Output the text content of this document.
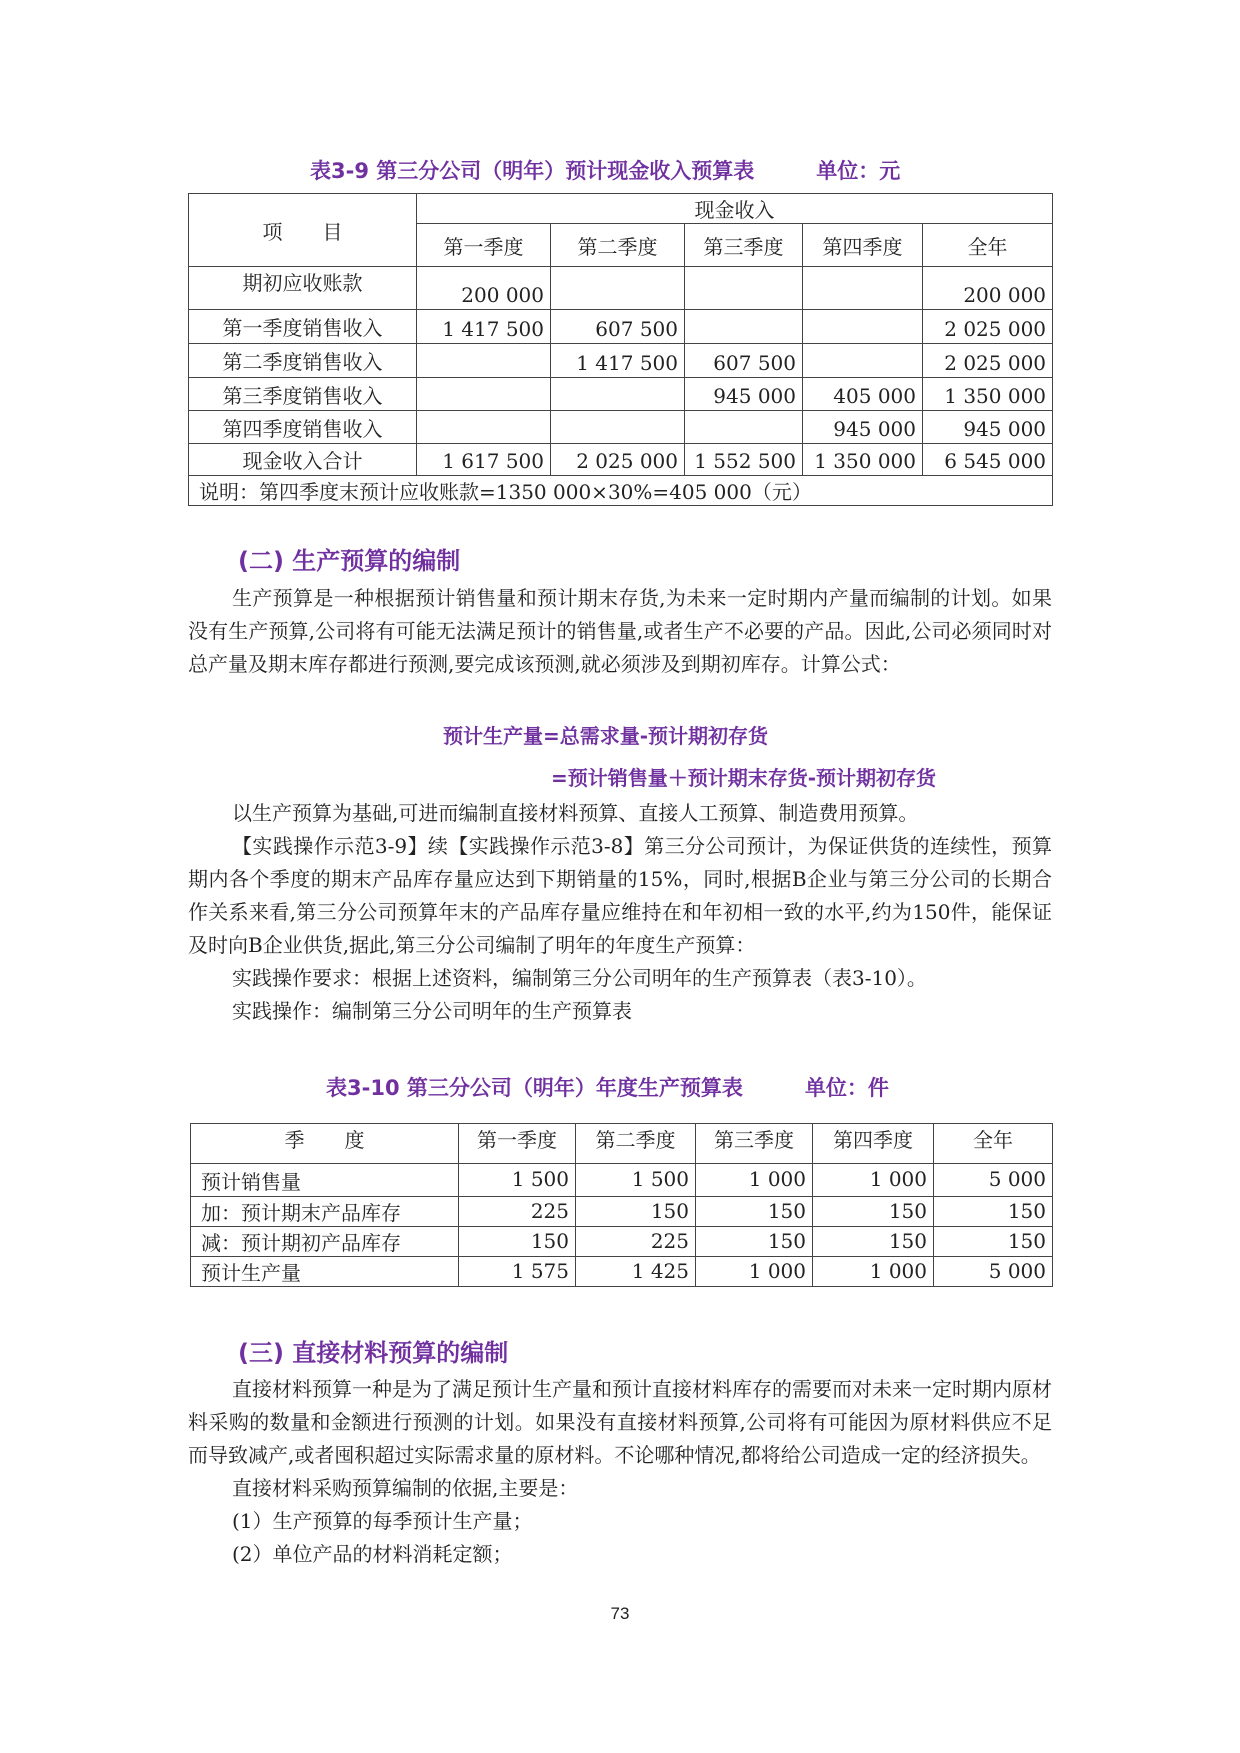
表3-9 第三分公司（明年）预计现金收入预算表	单位：元
项　　目	现金收入				
	第一季度	第二季度	第三季度	第四季度	全年
期初应收账款	200 000				200 000
第一季度销售收入	1 417 500	607 500			2 025 000
第二季度销售收入		1 417 500	607 500		2 025 000
第三季度销售收入			945 000	405 000	1 350 000
第四季度销售收入				945 000	945 000
现金收入合计	1 617 500	2 025 000	1 552 500	1 350 000	6 545 000
说明：第四季度末预计应收账款=1350 000×30%=405 000（元）					
(二) 生产预算的编制

生产预算是一种根据预计销售量和预计期末存货,为未来一定时期内产量而编制的计划。如果没有生产预算,公司将有可能无法满足预计的销售量,或者生产不必要的产品。因此,公司必须同时对总产量及期末库存都进行预测,要完成该预测,就必须涉及到期初库存。计算公式：

预计生产量=总需求量-预计期初存货
=预计销售量＋预计期末存货-预计期初存货

以生产预算为基础,可进而编制直接材料预算、直接人工预算、制造费用预算。

【实践操作示范3-9】续【实践操作示范3-8】第三分公司预计，为保证供货的连续性，预算期内各个季度的期末产品库存量应达到下期销量的15%，同时,根据B企业与第三分公司的长期合作关系来看,第三分公司预算年末的产品库存量应维持在和年初相一致的水平,约为150件，能保证及时向B企业供货,据此,第三分公司编制了明年的年度生产预算：

实践操作要求：根据上述资料，编制第三分公司明年的生产预算表（表3-10）。

实践操作：编制第三分公司明年的生产预算表

表3-10 第三分公司（明年）年度生产预算表	单位：件
季　　度	第一季度	第二季度	第三季度	第四季度	全年
预计销售量	1 500	1 500	1 000	1 000	5 000
加：预计期末产品库存	225	150	150	150	150
减：预计期初产品库存	150	225	150	150	150
预计生产量	1 575	1 425	1 000	1 000	5 000
(三) 直接材料预算的编制

直接材料预算一种是为了满足预计生产量和预计直接材料库存的需要而对未来一定时期内原材料采购的数量和金额进行预测的计划。如果没有直接材料预算,公司将有可能因为原材料供应不足而导致减产,或者囤积超过实际需求量的原材料。不论哪种情况,都将给公司造成一定的经济损失。

直接材料采购预算编制的依据,主要是：

(1）生产预算的每季预计生产量；

(2）单位产品的材料消耗定额；

73
